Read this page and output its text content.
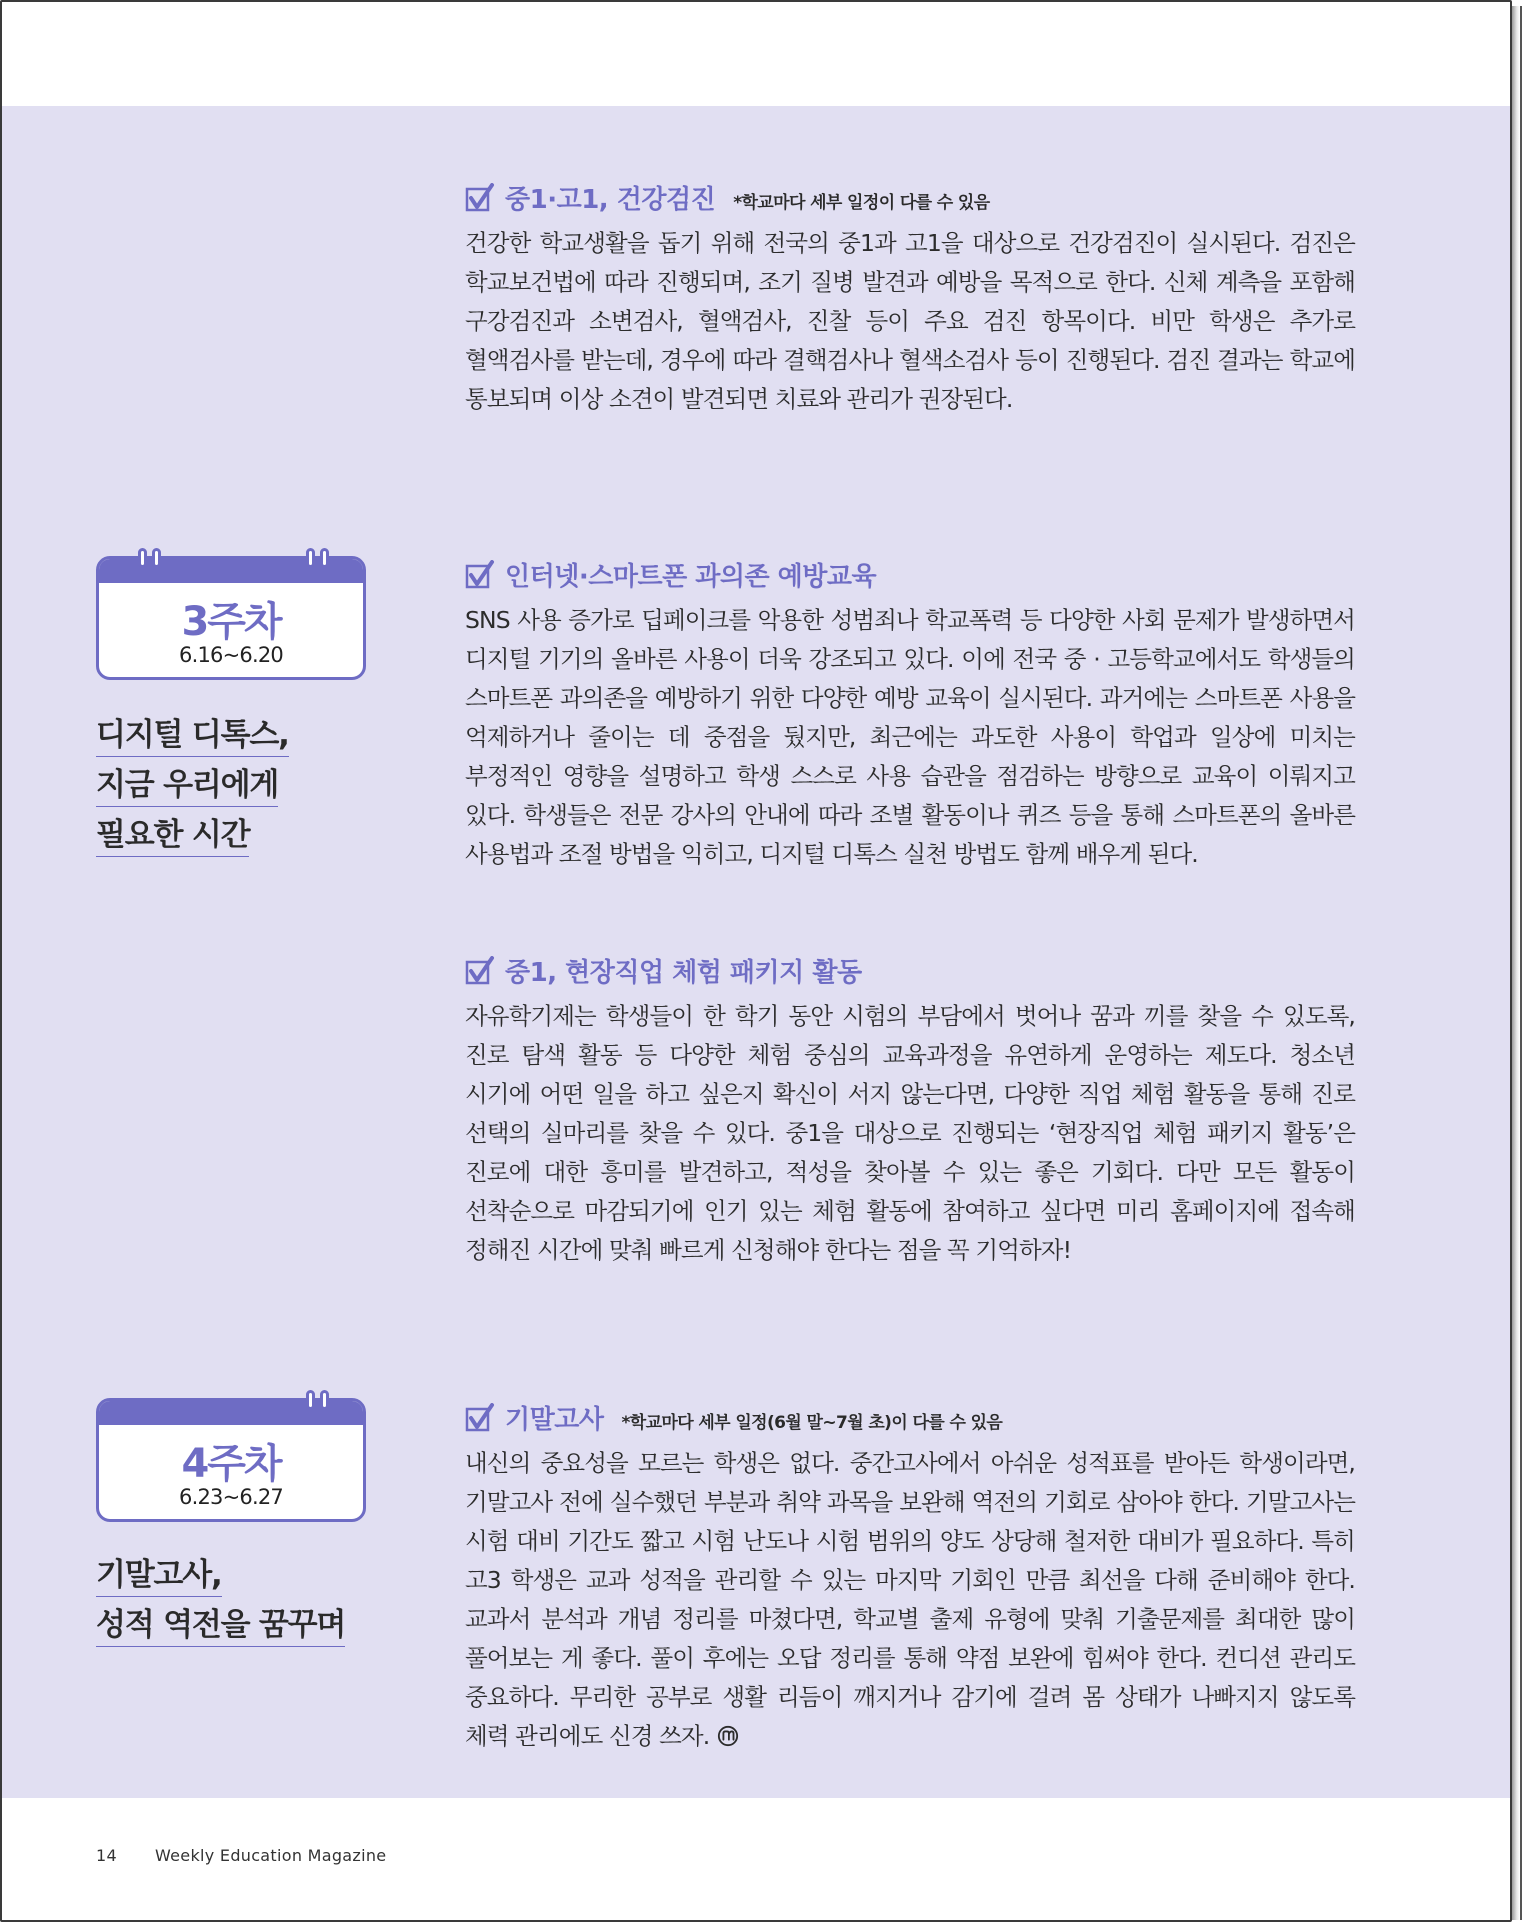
중1·고1, 건강검진 *학교마다 세부 일정이 다를 수 있음
건강한 학교생활을 돕기 위해 전국의 중1과 고1을 대상으로 건강검진이 실시된다. 검진은 학교보건법에 따라 진행되며, 조기 질병 발견과 예방을 목적으로 한다. 신체 계측을 포함해 구강검진과 소변검사, 혈액검사, 진찰 등이 주요 검진 항목이다. 비만 학생은 추가로 혈액검사를 받는데, 경우에 따라 결핵검사나 혈색소검사 등이 진행된다. 검진 결과는 학교에 통보되며 이상 소견이 발견되면 치료와 관리가 권장된다.
3주차
6.16~6.20
디지털 디톡스,
지금 우리에게
필요한 시간
인터넷·스마트폰 과의존 예방교육
SNS 사용 증가로 딥페이크를 악용한 성범죄나 학교폭력 등 다양한 사회 문제가 발생하면서 디지털 기기의 올바른 사용이 더욱 강조되고 있다. 이에 전국 중 · 고등학교에서도 학생들의 스마트폰 과의존을 예방하기 위한 다양한 예방 교육이 실시된다. 과거에는 스마트폰 사용을 억제하거나 줄이는 데 중점을 뒀지만, 최근에는 과도한 사용이 학업과 일상에 미치는 부정적인 영향을 설명하고 학생 스스로 사용 습관을 점검하는 방향으로 교육이 이뤄지고 있다. 학생들은 전문 강사의 안내에 따라 조별 활동이나 퀴즈 등을 통해 스마트폰의 올바른 사용법과 조절 방법을 익히고, 디지털 디톡스 실천 방법도 함께 배우게 된다.
중1, 현장직업 체험 패키지 활동
자유학기제는 학생들이 한 학기 동안 시험의 부담에서 벗어나 꿈과 끼를 찾을 수 있도록, 진로 탐색 활동 등 다양한 체험 중심의 교육과정을 유연하게 운영하는 제도다. 청소년 시기에 어떤 일을 하고 싶은지 확신이 서지 않는다면, 다양한 직업 체험 활동을 통해 진로 선택의 실마리를 찾을 수 있다. 중1을 대상으로 진행되는 ‘현장직업 체험 패키지 활동’은 진로에 대한 흥미를 발견하고, 적성을 찾아볼 수 있는 좋은 기회다. 다만 모든 활동이 선착순으로 마감되기에 인기 있는 체험 활동에 참여하고 싶다면 미리 홈페이지에 접속해 정해진 시간에 맞춰 빠르게 신청해야 한다는 점을 꼭 기억하자!
4주차
6.23~6.27
기말고사,
성적 역전을 꿈꾸며
기말고사 *학교마다 세부 일정(6월 말~7월 초)이 다를 수 있음
내신의 중요성을 모르는 학생은 없다. 중간고사에서 아쉬운 성적표를 받아든 학생이라면, 기말고사 전에 실수했던 부분과 취약 과목을 보완해 역전의 기회로 삼아야 한다. 기말고사는 시험 대비 기간도 짧고 시험 난도나 시험 범위의 양도 상당해 철저한 대비가 필요하다. 특히 고3 학생은 교과 성적을 관리할 수 있는 마지막 기회인 만큼 최선을 다해 준비해야 한다. 교과서 분석과 개념 정리를 마쳤다면, 학교별 출제 유형에 맞춰 기출문제를 최대한 많이 풀어보는 게 좋다. 풀이 후에는 오답 정리를 통해 약점 보완에 힘써야 한다. 컨디션 관리도 중요하다. 무리한 공부로 생활 리듬이 깨지거나 감기에 걸려 몸 상태가 나빠지지 않도록 체력 관리에도 신경 쓰자.
14 Weekly Education Magazine
